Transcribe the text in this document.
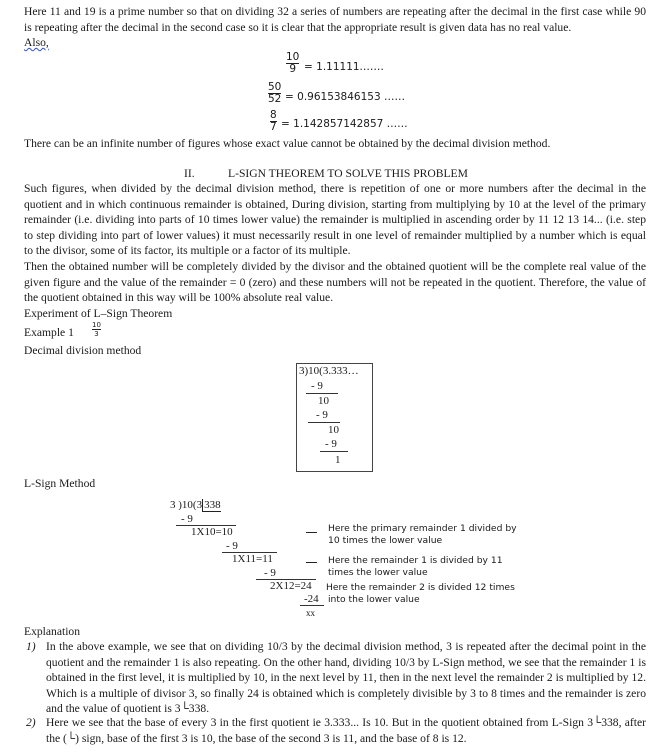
Here 11 and 19 is a prime number so that on dividing 32 a series of numbers are repeating after the decimal in the first case while 90 is repeating after the decimal in the second case so it is clear that the appropriate result is given data has no real value.

Also,
10
9 = 1.11111.……
50
52 = 0.96153846153 ……
8
7 = 1.142857142857 ……

There can be an infinite number of figures whose exact value cannot be obtained by the decimal division method.

II.	L-SIGN THEOREM TO SOLVE THIS PROBLEM

Such figures, when divided by the decimal division method, there is repetition of one or more numbers after the decimal in the quotient and in which continuous remainder is obtained, During division, starting from multiplying by 10 at the level of the primary remainder (i.e. dividing into parts of 10 times lower value) the remainder is multiplied in ascending order by 11 12 13 14... (i.e. step to step dividing into part of lower values) it must necessarily result in one level of remainder multiplied by a number which is equal to the divisor, some of its factor, its multiple or a factor of its multiple.

Then the obtained number will be completely divided by the divisor and the obtained quotient will be the complete real value of the given figure and the value of the remainder = 0 (zero) and these numbers will not be repeated in the quotient. Therefore, the value of the quotient obtained in this way will be 100% absolute real value.

Experiment of L–Sign Theorem
Example 1
10
3
Decimal division method
3)10(3.333…
- 9
10
- 9
10
- 9
1
L-Sign Method
3 )10(3 338
- 9
1X10=10
- 9
1X11=11
- 9
2X12=24
-24
xx
Here the primary remainder 1 divided by
10 times the lower value
Here the remainder 1 is divided by 11
times the lower value
Here the remainder 2 is divided 12 times
into the lower value
Explanation
1) In the above example, we see that on dividing 10/3 by the decimal division method, 3 is repeated after the decimal point in the quotient and the remainder 1 is also repeating. On the other hand, dividing 10/3 by L-Sign method, we see that the remainder 1 is obtained in the first level, it is multiplied by 10, in the next level by 11, then in the next level the remainder 2 is multiplied by 12. Which is a multiple of divisor 3, so finally 24 is obtained which is completely divisible by 3 to 8 times and the remainder is zero and the value of quotient is 3└338.

2) Here we see that the base of every 3 in the first quotient ie 3.333... Is 10. But in the quotient obtained from L-Sign 3└338, after the (└) sign, base of the first 3 is 10, the base of the second 3 is 11, and the base of 8 is 12.
